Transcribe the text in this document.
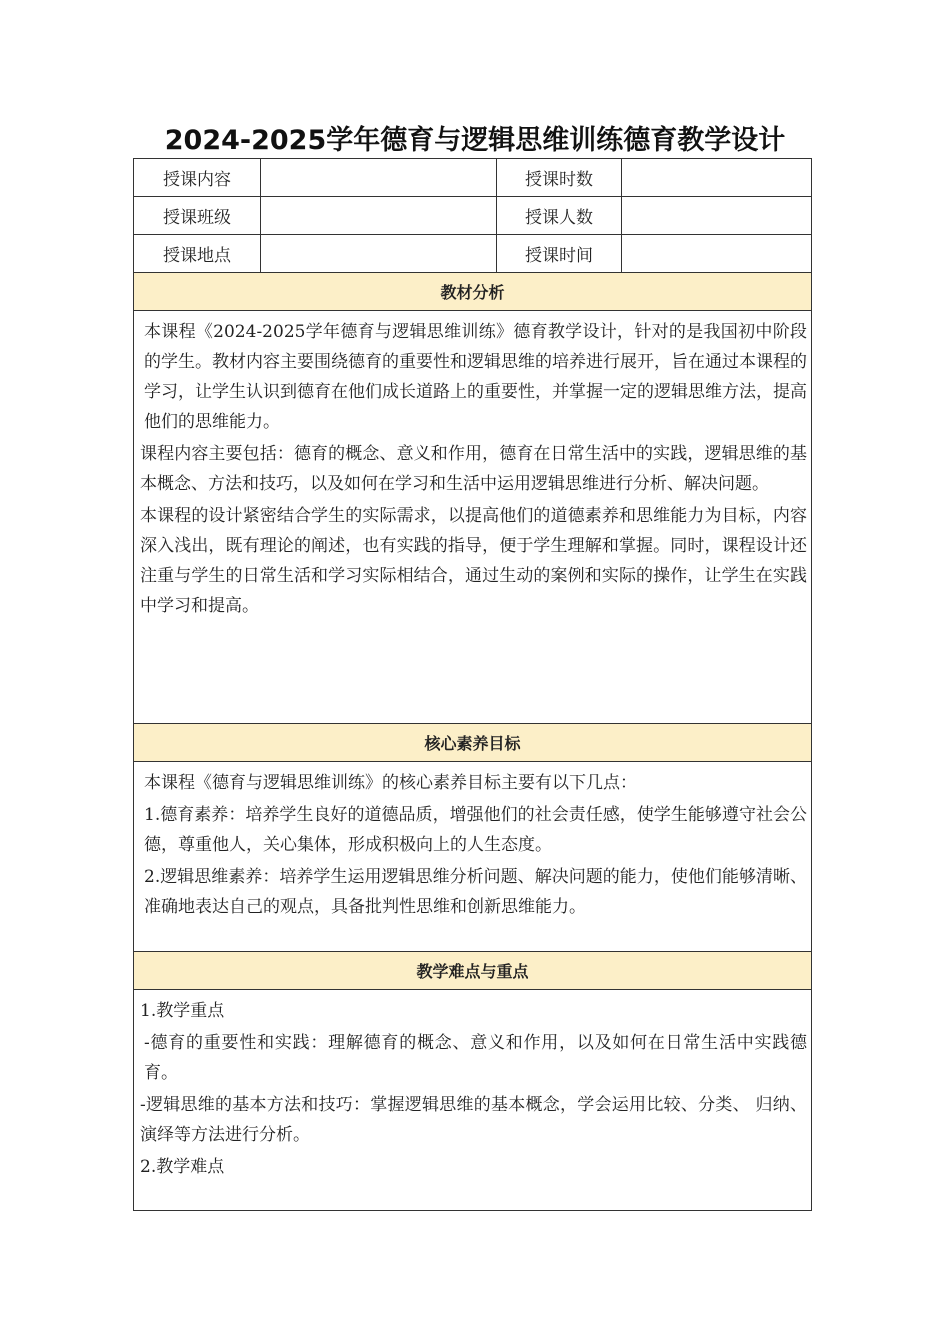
2024-2025学年德育与逻辑思维训练德育教学设计
授课内容	授课时数
授课班级	授课人数
授课地点	授课时间
教材分析

本课程《2024-2025学年德育与逻辑思维训练》德育教学设计，针对的是我国初中阶段的学生。教材内容主要围绕德育的重要性和逻辑思维的培养进行展开，旨在通过本课程的学习，让学生认识到德育在他们成长道路上的重要性，并掌握一定的逻辑思维方法，提高他们的思维能力。

课程内容主要包括：德育的概念、意义和作用，德育在日常生活中的实践，逻辑思维的基本概念、方法和技巧，以及如何在学习和生活中运用逻辑思维进行分析、解决问题。

本课程的设计紧密结合学生的实际需求，以提高他们的道德素养和思维能力为目标，内容深入浅出，既有理论的阐述，也有实践的指导，便于学生理解和掌握。同时，课程设计还注重与学生的日常生活和学习实际相结合，通过生动的案例和实际的操作，让学生在实践中学习和提高。

核心素养目标

本课程《德育与逻辑思维训练》的核心素养目标主要有以下几点：

1.德育素养：培养学生良好的道德品质，增强他们的社会责任感，使学生能够遵守社会公德，尊重他人，关心集体，形成积极向上的人生态度。

2.逻辑思维素养：培养学生运用逻辑思维分析问题、解决问题的能力，使他们能够清晰、准确地表达自己的观点，具备批判性思维和创新思维能力。

教学难点与重点

1.教学重点

-德育的重要性和实践：理解德育的概念、意义和作用，以及如何在日常生活中实践德育。

-逻辑思维的基本方法和技巧：掌握逻辑思维的基本概念，学会运用比较、分类、 归纳、演绎等方法进行分析。

2.教学难点
